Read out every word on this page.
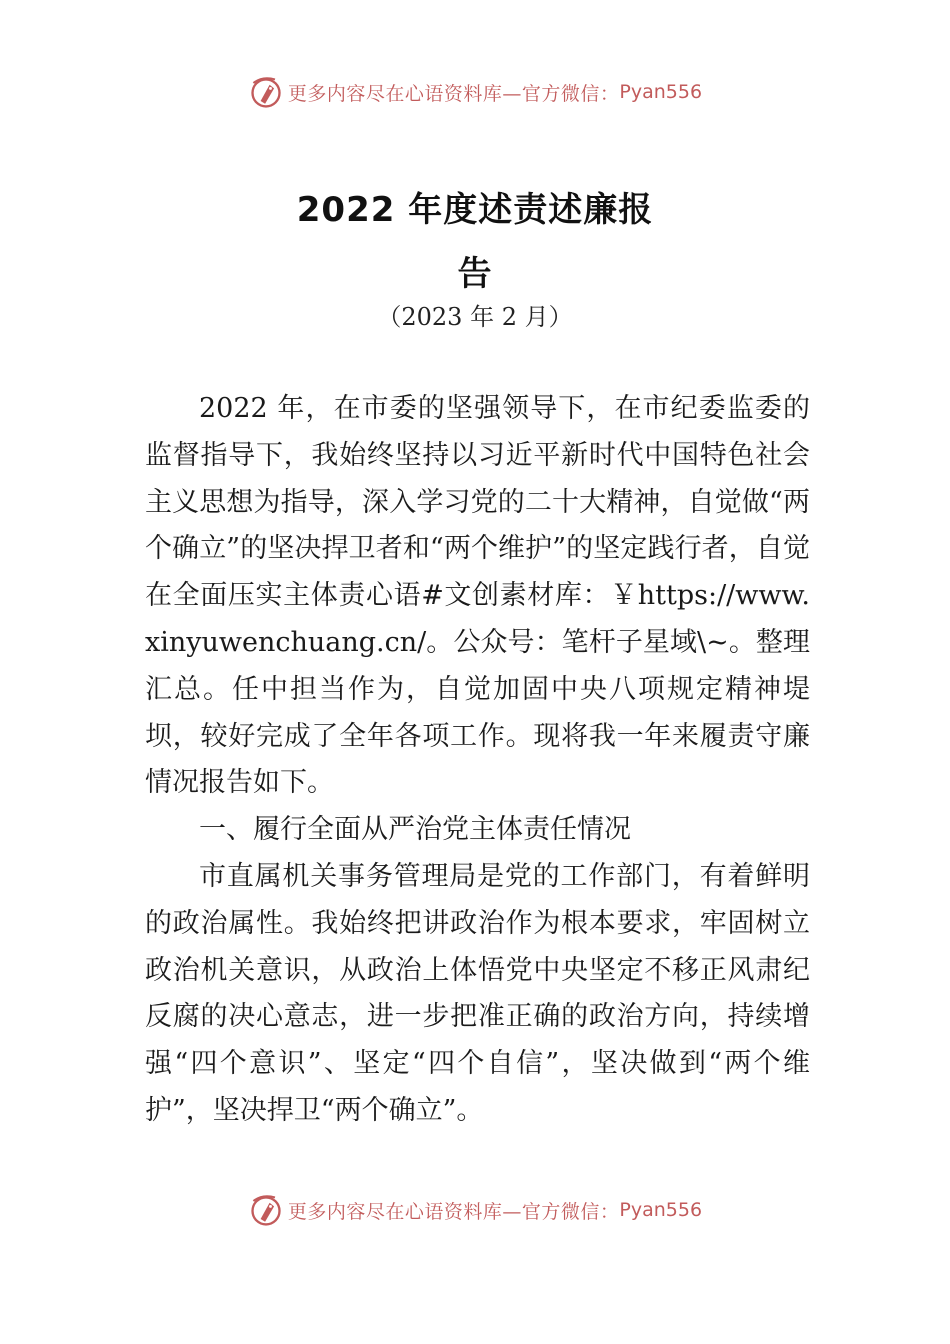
更多内容尽在心语资料库—官方微信： Pyan556
2022 年度述责述廉报
告
（2023 年 2 月）

2022 年，在市委的坚强领导下，在市纪委监委的监督指导下，我始终坚持以习近平新时代中国特色社会主义思想为指导，深入学习党的二十大精神，自觉做“两个确立”的坚决捍卫者和“两个维护”的坚定践行者，自觉在全面压实主体责心语#文创素材库：￥https://www.xinyuwenchuang.cn/。公众号：笔杆子星域\~。整理汇总。任中担当作为，自觉加固中央八项规定精神堤坝，较好完成了全年各项工作。现将我一年来履责守廉情况报告如下。

一、履行全面从严治党主体责任情况

市直属机关事务管理局是党的工作部门，有着鲜明的政治属性。我始终把讲政治作为根本要求，牢固树立政治机关意识，从政治上体悟党中央坚定不移正风肃纪反腐的决心意志，进一步把准正确的政治方向，持续增强“四个意识”、坚定“四个自信”，坚决做到“两个维护”，坚决捍卫“两个确立”。

更多内容尽在心语资料库—官方微信： Pyan556
